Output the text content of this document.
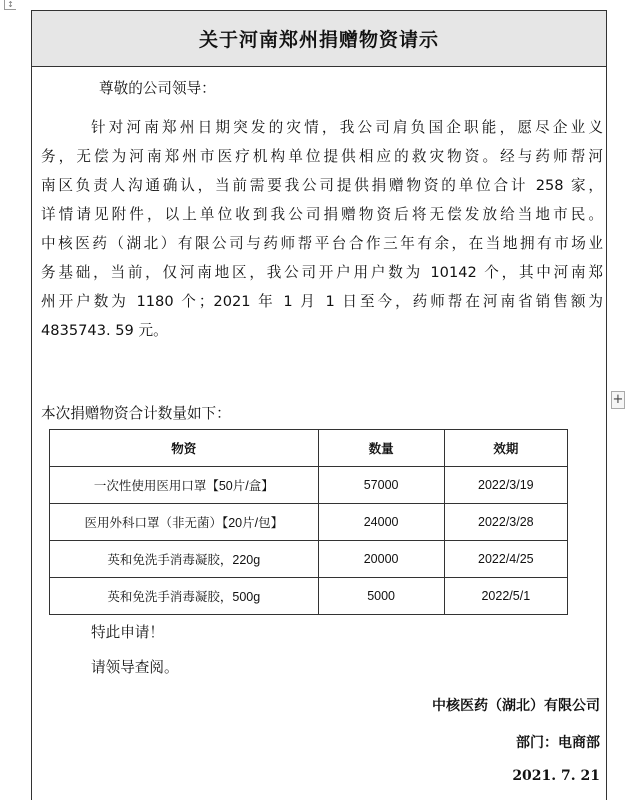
↕
关于河南郑州捐赠物资请示

尊敬的公司领导：

针对河南郑州日期突发的灾情，我公司肩负国企职能，愿尽企业义
务，无偿为河南郑州市医疗机构单位提供相应的救灾物资。经与药师帮河
南区负责人沟通确认，当前需要我公司提供捐赠物资的单位合计 258 家，
详情请见附件，以上单位收到我公司捐赠物资后将无偿发放给当地市民。
中核医药（湖北）有限公司与药师帮平台合作三年有余，在当地拥有市场业
务基础，当前，仅河南地区，我公司开户用户数为 10142 个，其中河南郑
州开户数为 1180 个；2021 年 1 月 1 日至今，药师帮在河南省销售额为
4835743. 59 元。

本次捐赠物资合计数量如下：

物资	数量	效期
一次性使用医用口罩【50片/盒】	57000	2022/3/19
医用外科口罩（非无菌）【20片/包】	24000	2022/3/28
英和免洗手消毒凝胶，220g	20000	2022/4/25
英和免洗手消毒凝胶，500g	5000	2022/5/1

特此申请！

请领导查阅。

中核医药（湖北）有限公司
部门：电商部
2021. 7. 21
+
